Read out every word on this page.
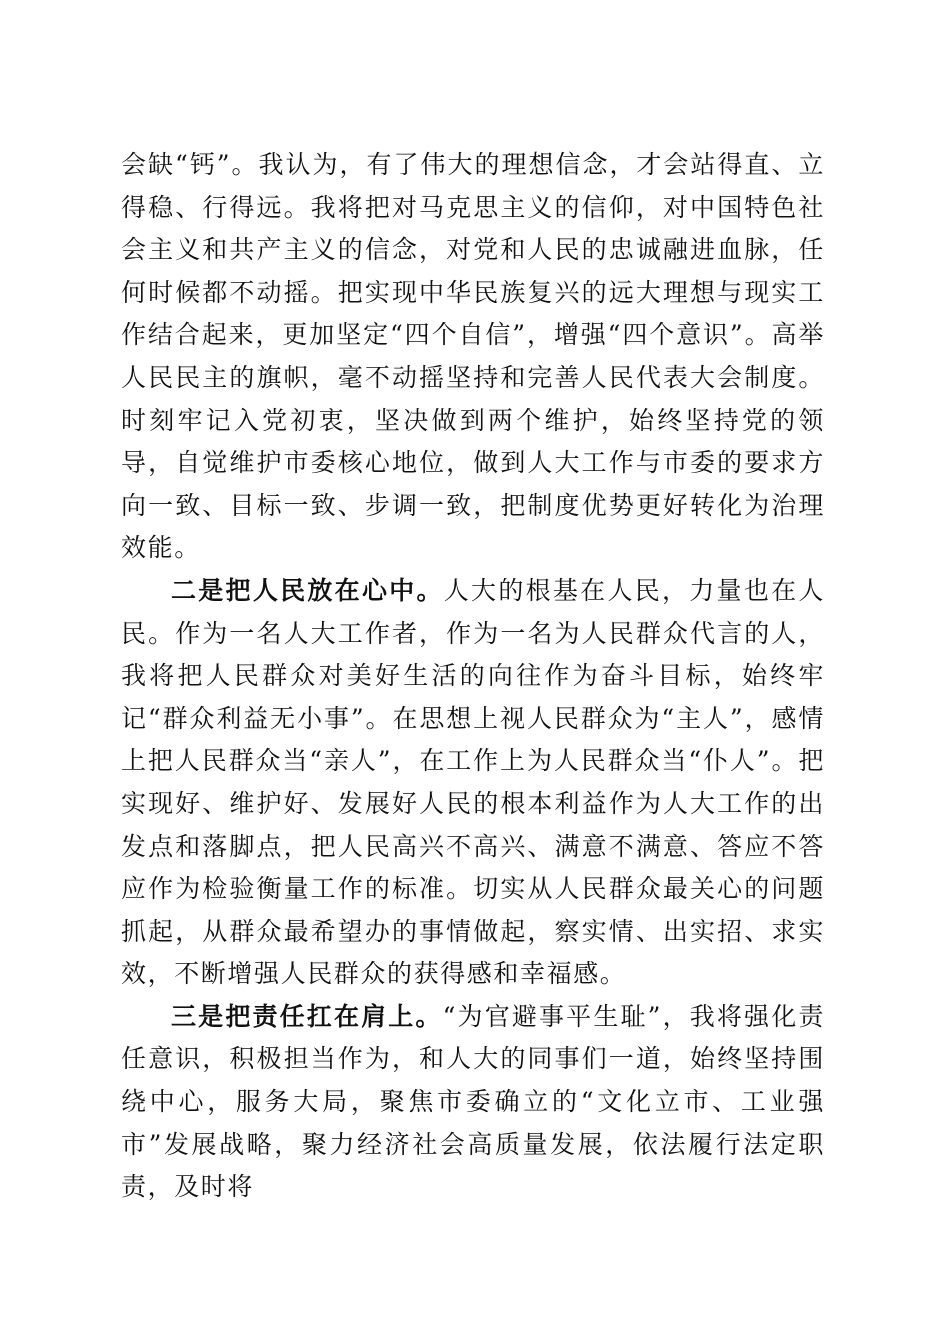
会缺“钙”。我认为，有了伟大的理想信念，才会站得直、立得稳、行得远。我将把对马克思主义的信仰，对中国特色社会主义和共产主义的信念，对党和人民的忠诚融进血脉，任何时候都不动摇。把实现中华民族复兴的远大理想与现实工作结合起来，更加坚定“四个自信”，增强“四个意识”。高举人民民主的旗帜，毫不动摇坚持和完善人民代表大会制度。时刻牢记入党初衷，坚决做到两个维护，始终坚持党的领导，自觉维护市委核心地位，做到人大工作与市委的要求方向一致、目标一致、步调一致，把制度优势更好转化为治理效能。

二是把人民放在心中。人大的根基在人民，力量也在人民。作为一名人大工作者，作为一名为人民群众代言的人，我将把人民群众对美好生活的向往作为奋斗目标，始终牢记“群众利益无小事”。在思想上视人民群众为“主人”，感情上把人民群众当“亲人”，在工作上为人民群众当“仆人”。把实现好、维护好、发展好人民的根本利益作为人大工作的出发点和落脚点，把人民高兴不高兴、满意不满意、答应不答应作为检验衡量工作的标准。切实从人民群众最关心的问题抓起，从群众最希望办的事情做起，察实情、出实招、求实效，不断增强人民群众的获得感和幸福感。

三是把责任扛在肩上。“为官避事平生耻”，我将强化责任意识，积极担当作为，和人大的同事们一道，始终坚持围绕中心，服务大局，聚焦市委确立的“文化立市、工业强市”发展战略，聚力经济社会高质量发展，依法履行法定职责，及时将
